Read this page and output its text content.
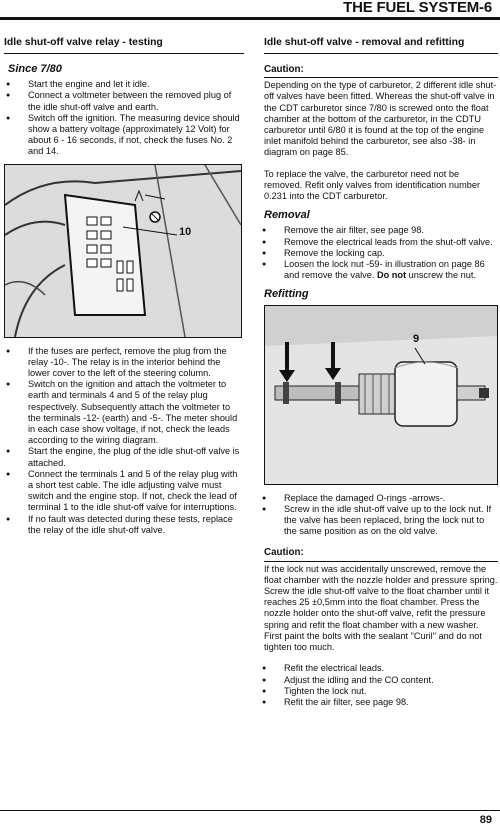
THE FUEL SYSTEM-6
Idle shut-off valve relay - testing
Since 7/80
● Start the engine and let it idle.
● Connect a voltmeter between the removed plug of the idle shut-off valve and earth.
● Switch off the ignition. The measuring device should show a battery voltage (approximately 12 Volt) for about 6 - 16 seconds, if not, check the fuses No. 2 and 14.
10
● If the fuses are perfect, remove the plug from the relay -10-. The relay is in the interior behind the lower cover to the left of the steering column.
● Switch on the ignition and attach the voltmeter to earth and terminals 4 and 5 of the relay plug respectively. Subsequently attach the voltmeter to the terminals -12- (earth) and -5-. The meter should in each case show voltage, if not, check the leads according to the wiring diagram.
● Start the engine, the plug of the idle shut-off valve is attached.
● Connect the terminals 1 and 5 of the relay plug with a short test cable. The idle adjusting valve must switch and the engine stop. If not, check the lead of terminal 1 to the idle shut-off valve for interruptions.
● If no fault was detected during these tests, replace the relay of the idle shut-off valve.
Idle shut-off valve - removal and refitting
Caution:
Depending on the type of carburetor, 2 different idle shut-off valves have been fitted. Whereas the shut-off valve in the CDT carburetor since 7/80 is screwed onto the float chamber at the bottom of the carburetor, in the CDTU carburetor until 6/80 it is found at the top of the engine inlet manifold behind the carburetor, see also -38- in diagram on page 85.
To replace the valve, the carburetor need not be removed. Refit only valves from identification number 0.231 into the CDT carburetor.
Removal
● Remove the air filter, see page 98.
● Remove the electrical leads from the shut-off valve.
● Remove the locking cap.
● Loosen the lock nut -59- in illustration on page 86 and remove the valve. Do not unscrew the nut.
Refitting
9
● Replace the damaged O-rings -arrows-.
● Screw in the idle shut-off valve up to the lock nut. If the valve has been replaced, bring the lock nut to the same position as on the old valve.
Caution:
If the lock nut was accidentally unscrewed, remove the float chamber with the nozzle holder and pressure spring. Screw the idle shut-off valve to the float chamber until it reaches 25 ±0,5mm into the float chamber. Press the nozzle holder onto the shut-off valve, refit the pressure spring and refit the float chamber with a new washer. First paint the bolts with the sealant "Curil" and do not tighten too much.
● Refit the electrical leads.
● Adjust the idling and the CO content.
● Tighten the lock nut.
● Refit the air filter, see page 98.
89
